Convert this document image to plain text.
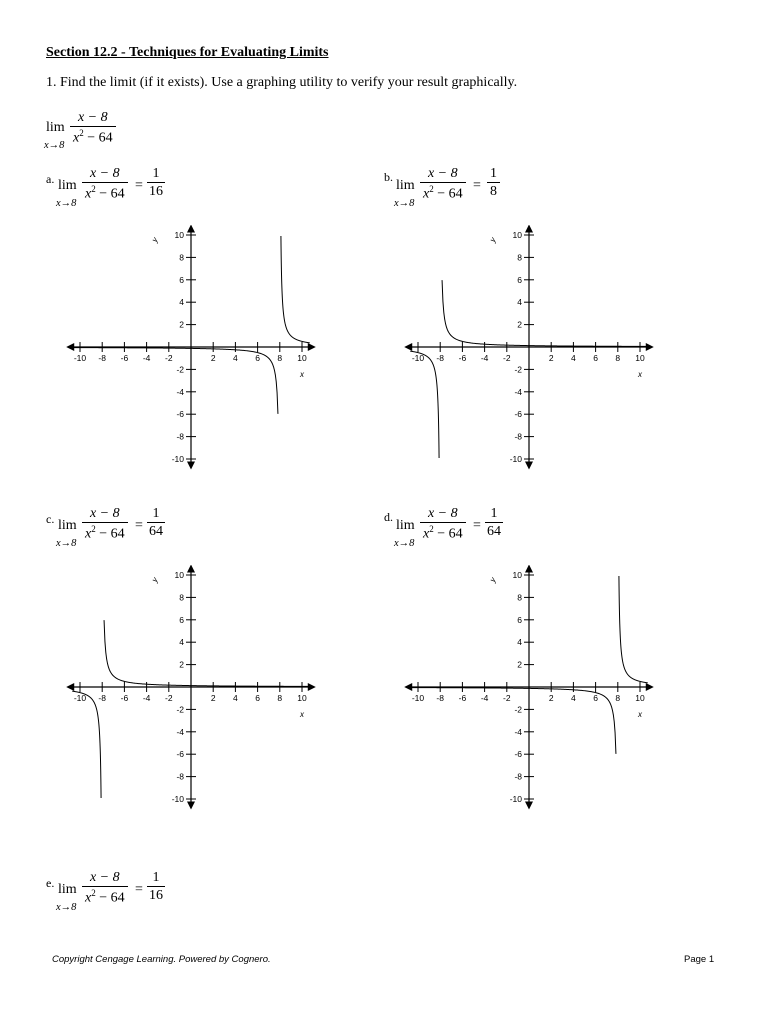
Section 12.2 - Techniques for Evaluating Limits
1. Find the limit (if it exists). Use a graphing utility to verify your result graphically.
lim
$x\to 8 \frac{x - 8}{x^2 - 64}$
a. lim
x→8
$\frac{x - 8}{x^2 - 64} = \frac{1}{16}$	b.
lim
x→8
$\frac{x - 8}{x^2 - 64} = \frac{1}{8}$
c. lim
x→8
$\frac{x - 8}{x^2 - 64} = \frac{1}{64}$	d.
lim
x→8
$\frac{x - 8}{x^2 - 64} = \frac{1}{64}$
e. lim
x→8
$\frac{x - 8}{x^2 - 64} = \frac{1}{16}$
-10 -8 -6 -4 -2	2 4 6 8 10
10
8
6
4
2
-2
-4
-6
-8
-10
x
y
-10 -8 -6 -4 -2	2 4 6 8 10
10
8
6
4
2
-2
-4
-6
-8
-10
x
y
-10 -8 -6 -4 -2	2 4 6 8 10
10
8
6
4
2
-2
-4
-6
-8
-10
x
y
-10 -8 -6 -4 -2	2 4 6 8 10
10
8
6
4
2
-2
-4
-6
-8
-10
x
y
Copyright Cengage Learning. Powered by Cognero.	Page 1
